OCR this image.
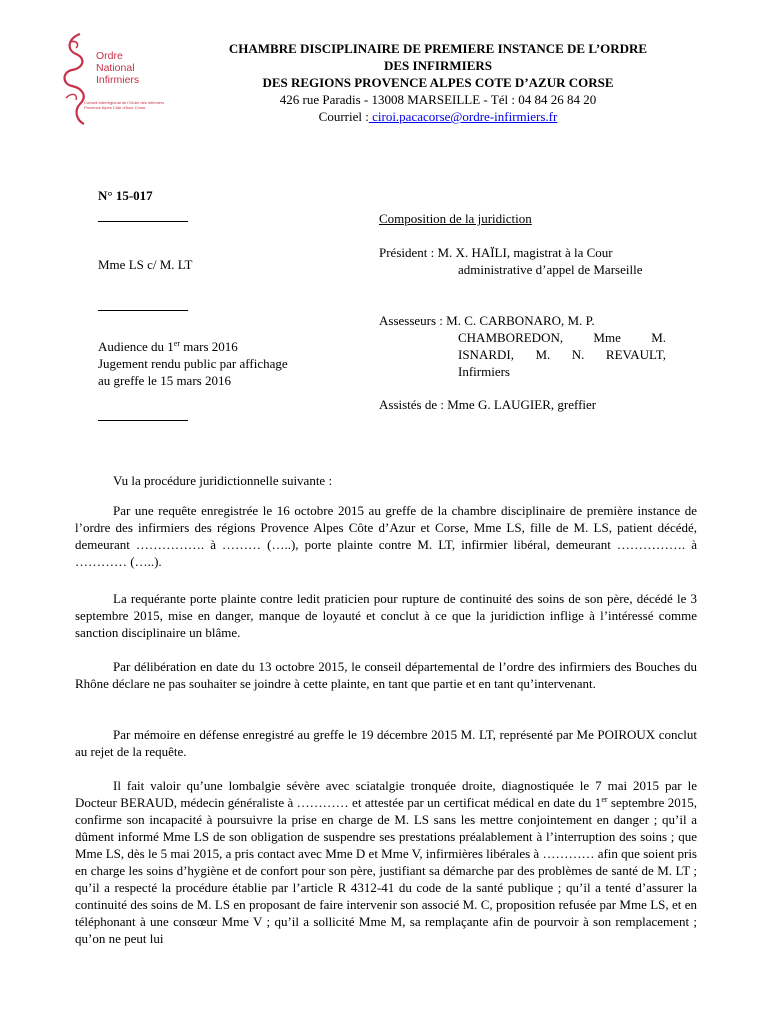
Ordre
National
Infirmiers
Conseil Interrégional de l'Ordre des infirmiers Provence Alpes Côte d'Azur Corse
CHAMBRE DISCIPLINAIRE DE PREMIERE INSTANCE DE L’ORDRE
DES INFIRMIERS
DES REGIONS PROVENCE ALPES COTE D’AZUR CORSE
426 rue Paradis - 13008 MARSEILLE - Tél : 04 84 26 84 20
Courriel : ciroi.pacacorse@ordre-infirmiers.fr
N° 15-017
Mme LS c/ M. LT
Audience du 1er mars 2016
Jugement rendu public par affichage
au greffe le 15 mars 2016
Composition de la juridiction
Président : M. X. HAÏLI, magistrat à la Cour
administrative d’appel de Marseille
Assesseurs : M. C. CARBONARO, M. P.
CHAMBOREDON, Mme M. ISNARDI, M. N. REVAULT, Infirmiers
Assistés de : Mme G. LAUGIER, greffier

Vu la procédure juridictionnelle suivante :

Par une requête enregistrée le 16 octobre 2015 au greffe de la chambre disciplinaire de première instance de l’ordre des infirmiers des régions Provence Alpes Côte d’Azur et Corse, Mme LS, fille de M. LS, patient décédé, demeurant ……………. à ……… (…..), porte plainte contre M. LT, infirmier libéral, demeurant ……………. à ………… (…..).

La requérante porte plainte contre ledit praticien pour rupture de continuité des soins de son père, décédé le 3 septembre 2015, mise en danger, manque de loyauté et conclut à ce que la juridiction inflige à l’intéressé comme sanction disciplinaire un blâme.

Par délibération en date du 13 octobre 2015, le conseil départemental de l’ordre des infirmiers des Bouches du Rhône déclare ne pas souhaiter se joindre à cette plainte, en tant que partie et en tant qu’intervenant.

Par mémoire en défense enregistré au greffe le 19 décembre 2015 M. LT, représenté par Me POIROUX conclut au rejet de la requête.

Il fait valoir qu’une lombalgie sévère avec sciatalgie tronquée droite, diagnostiquée le 7 mai 2015 par le Docteur BERAUD, médecin généraliste à ………… et attestée par un certificat médical en date du 1er septembre 2015, confirme son incapacité à poursuivre la prise en charge de M. LS sans les mettre conjointement en danger ; qu’il a dûment informé Mme LS de son obligation de suspendre ses prestations préalablement à l’interruption des soins ; que Mme LS, dès le 5 mai 2015, a pris contact avec Mme D et Mme V, infirmières libérales à ………… afin que soient pris en charge les soins d’hygiène et de confort pour son père, justifiant sa démarche par des problèmes de santé de M. LT ; qu’il a respecté la procédure établie par l’article R 4312-41 du code de la santé publique ; qu’il a tenté d’assurer la continuité des soins de M. LS en proposant de faire intervenir son associé M. C, proposition refusée par Mme LS, et en téléphonant à une consœur Mme V ; qu’il a sollicité Mme M, sa remplaçante afin de pourvoir à son remplacement ; qu’on ne peut lui
